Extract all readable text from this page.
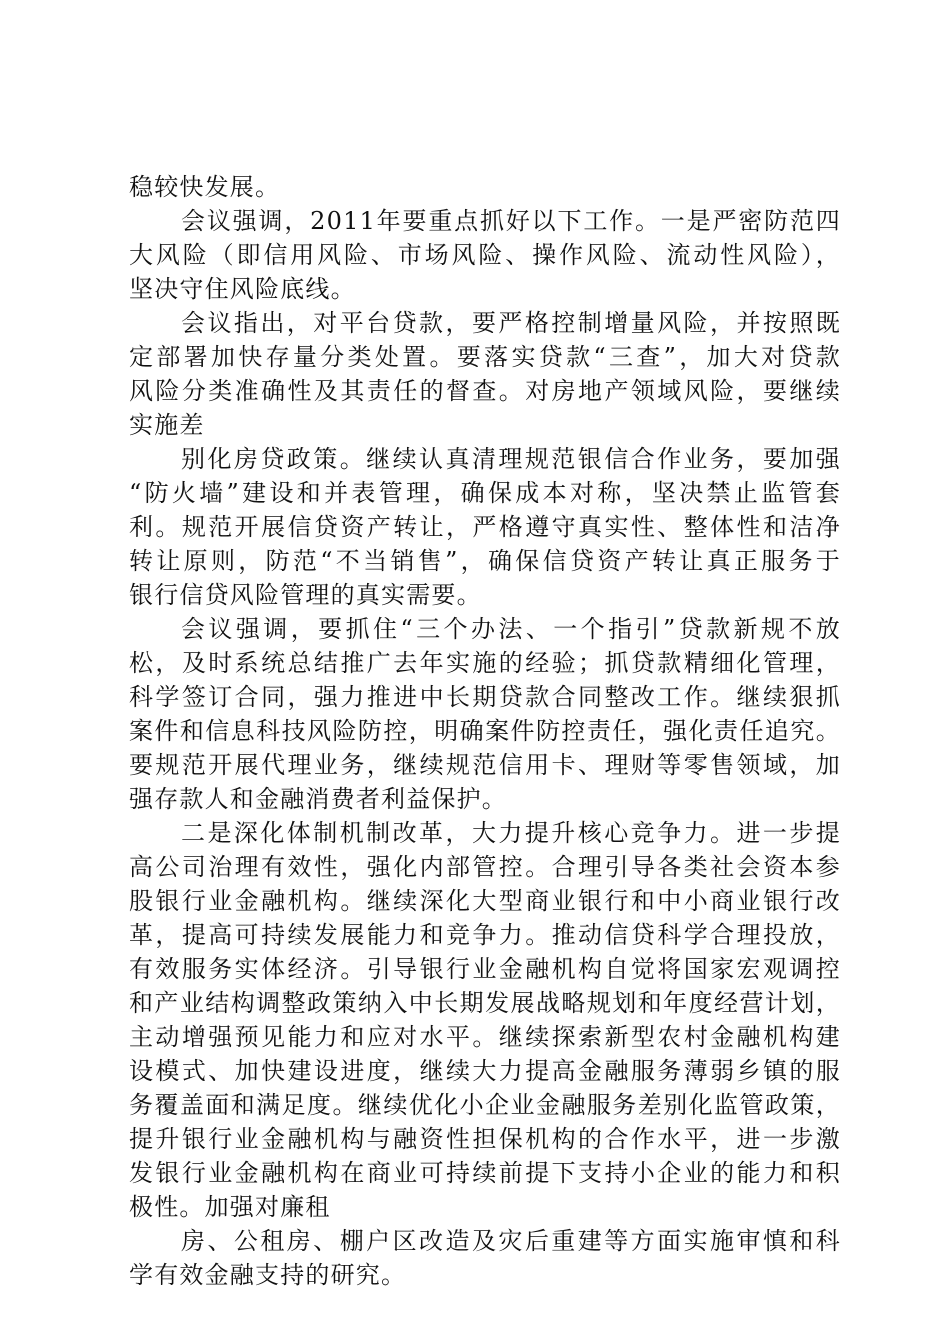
稳较快发展。
会议强调，2011年要重点抓好以下工作。一是严密防范四
大风险（即信用风险、市场风险、操作风险、流动性风险），
坚决守住风险底线。
会议指出，对平台贷款，要严格控制增量风险，并按照既
定部署加快存量分类处置。要落实贷款“三查”，加大对贷款
风险分类准确性及其责任的督查。对房地产领域风险，要继续
实施差
别化房贷政策。继续认真清理规范银信合作业务，要加强
“防火墙”建设和并表管理，确保成本对称，坚决禁止监管套
利。规范开展信贷资产转让，严格遵守真实性、整体性和洁净
转让原则，防范“不当销售”，确保信贷资产转让真正服务于
银行信贷风险管理的真实需要。
会议强调，要抓住“三个办法、一个指引”贷款新规不放
松，及时系统总结推广去年实施的经验；抓贷款精细化管理，
科学签订合同，强力推进中长期贷款合同整改工作。继续狠抓
案件和信息科技风险防控，明确案件防控责任，强化责任追究。
要规范开展代理业务，继续规范信用卡、理财等零售领域，加
强存款人和金融消费者利益保护。
二是深化体制机制改革，大力提升核心竞争力。进一步提
高公司治理有效性，强化内部管控。合理引导各类社会资本参
股银行业金融机构。继续深化大型商业银行和中小商业银行改
革，提高可持续发展能力和竞争力。推动信贷科学合理投放，
有效服务实体经济。引导银行业金融机构自觉将国家宏观调控
和产业结构调整政策纳入中长期发展战略规划和年度经营计划，
主动增强预见能力和应对水平。继续探索新型农村金融机构建
设模式、加快建设进度，继续大力提高金融服务薄弱乡镇的服
务覆盖面和满足度。继续优化小企业金融服务差别化监管政策，
提升银行业金融机构与融资性担保机构的合作水平，进一步激
发银行业金融机构在商业可持续前提下支持小企业的能力和积
极性。加强对廉租
房、公租房、棚户区改造及灾后重建等方面实施审慎和科
学有效金融支持的研究。
